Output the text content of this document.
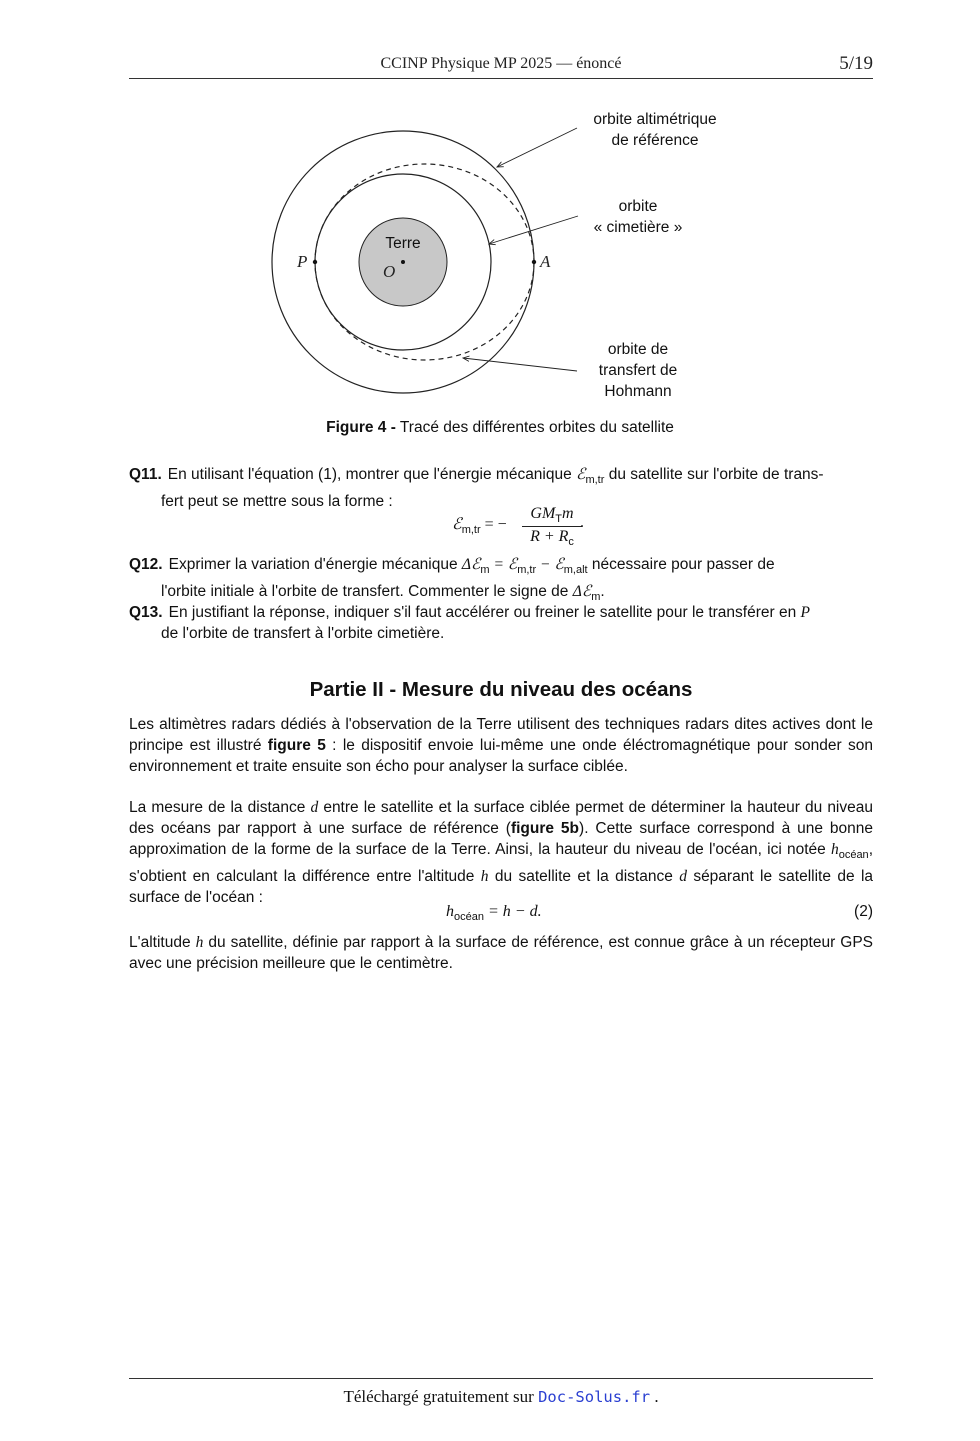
CCINP Physique MP 2025 — énoncé	5/19
orbite altimétrique
de référence
orbite
« cimetière »
orbite de
transfert de
Hohmann
Terre
O
P	A
Figure 4 - Tracé des différentes orbites du satellite
Q11. En utilisant l'équation (1), montrer que l'énergie mécanique ℰ$_{m,tr}$ du satellite sur l'orbite de trans-
fert peut se mettre sous la forme :
ℰ$_{m,tr}$ = −
$GM_Tm$
$R + R_c$
.
Q12. Exprimer la variation d'énergie mécanique Δℰ$_m$ = ℰ$_{m,tr}$ − ℰ$_{m,alt}$ nécessaire pour passer de
l'orbite initiale à l'orbite de transfert. Commenter le signe de Δℰ$_m$.
Q13. En justifiant la réponse, indiquer s'il faut accélérer ou freiner le satellite pour le transférer en P
de l'orbite de transfert à l'orbite cimetière.
Partie II - Mesure du niveau des océans
Les altimètres radars dédiés à l'observation de la Terre utilisent des techniques radars dites actives dont le principe est illustré figure 5 : le dispositif envoie lui-même une onde éléctromagnétique pour sonder son environnement et traite ensuite son écho pour analyser la surface ciblée.
La mesure de la distance d entre le satellite et la surface ciblée permet de déterminer la hauteur du niveau des océans par rapport à une surface de référence (figure 5b). Cette surface correspond à une bonne approximation de la forme de la surface de la Terre. Ainsi, la hauteur du niveau de l'océan, ici notée $h_{océan}$, s'obtient en calculant la différence entre l'altitude h du satellite et la distance d séparant le satellite de la surface de l'océan :
$h_{océan} = h - d$.	(2)
L'altitude h du satellite, définie par rapport à la surface de référence, est connue grâce à un récepteur GPS avec une précision meilleure que le centimètre.
Téléchargé gratuitement sur Doc-Solus.fr .
